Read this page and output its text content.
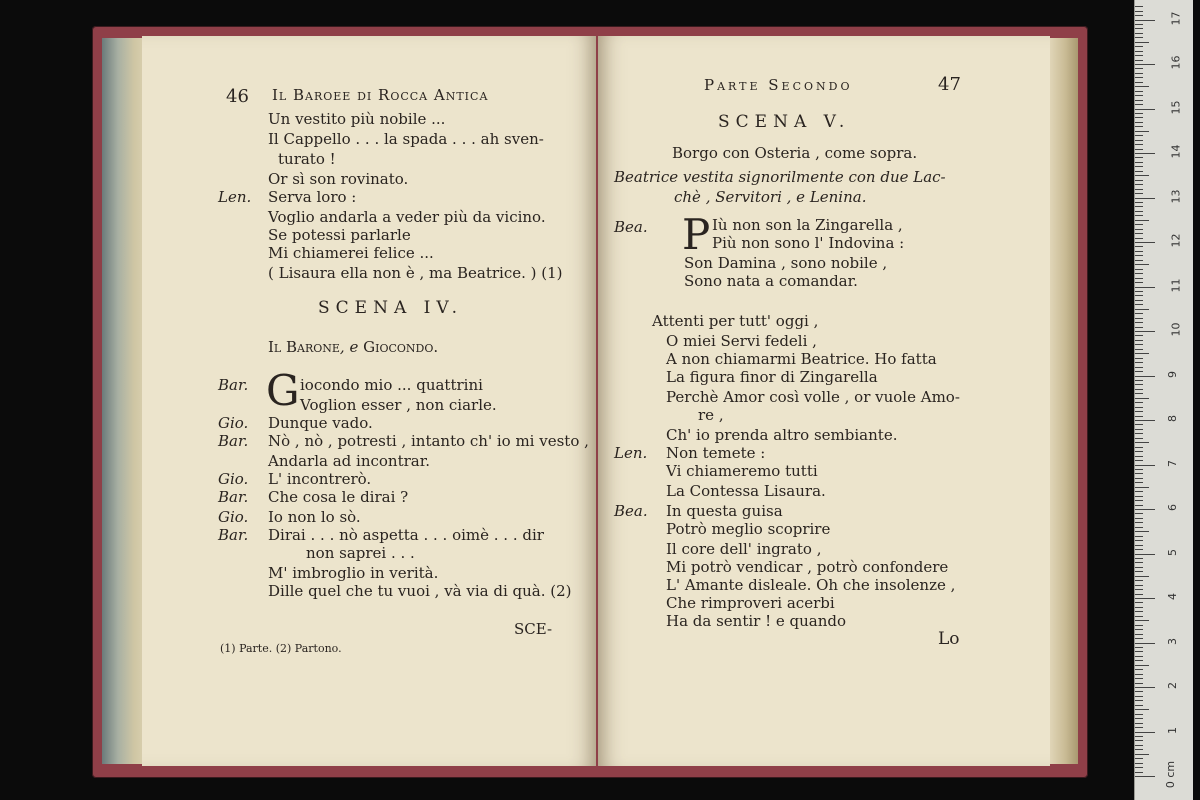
46 Il Baroee di Rocca Antica
Un vestito più nobile ...
Il Cappello . . . la spada . . . ah sven-
turato !
Or sì son rovinato.
Len. Serva loro :
Voglio andarla a veder più da vicino.
Se potessi parlarle
Mi chiamerei felice ...
( Lisaura ella non è , ma Beatrice. ) (1)
SCENA IV.
Il Barone, e Giocondo.
Bar. G iocondo mio ... quattrini
Voglion esser , non ciarle.
Gio. Dunque vado.
Bar. Nò , nò , potresti , intanto ch' io mi vesto ,
Andarla ad incontrar.
Gio. L' incontrerò.
Bar. Che cosa le dirai ?
Gio. Io non lo sò.
Bar. Dirai . . . nò aspetta . . . oimè . . . dir
non saprei . . .
M' imbroglio in verità.
Dille quel che tu vuoi , và via di quà. (2)
SCE-
(1) Parte. (2) Partono.
Parte Secondo	47
SCENA V.
Borgo con Osteria , come sopra.
Beatrice vestita signorilmente con due Lac-
chè , Servitori , e Lenina.
Bea. P Iù non son la Zingarella ,
Più non sono l' Indovina :
Son Damina , sono nobile ,
Sono nata a comandar.
Attenti per tutt' oggi ,
O miei Servi fedeli ,
A non chiamarmi Beatrice. Ho fatta
La figura finor di Zingarella
Perchè Amor così volle , or vuole Amo-
re ,
Ch' io prenda altro sembiante.
Len. Non temete :
Vi chiameremo tutti
La Contessa Lisaura.
Bea. In questa guisa
Potrò meglio scoprire
Il core dell' ingrato ,
Mi potrò vendicar , potrò confondere
L' Amante disleale. Oh che insolenze ,
Che rimproveri acerbi
Ha da sentir ! e quando
Lo
0 cm
1
2
3
4
5
6
7
8
9
10
11
12
13
14
15
16
17
